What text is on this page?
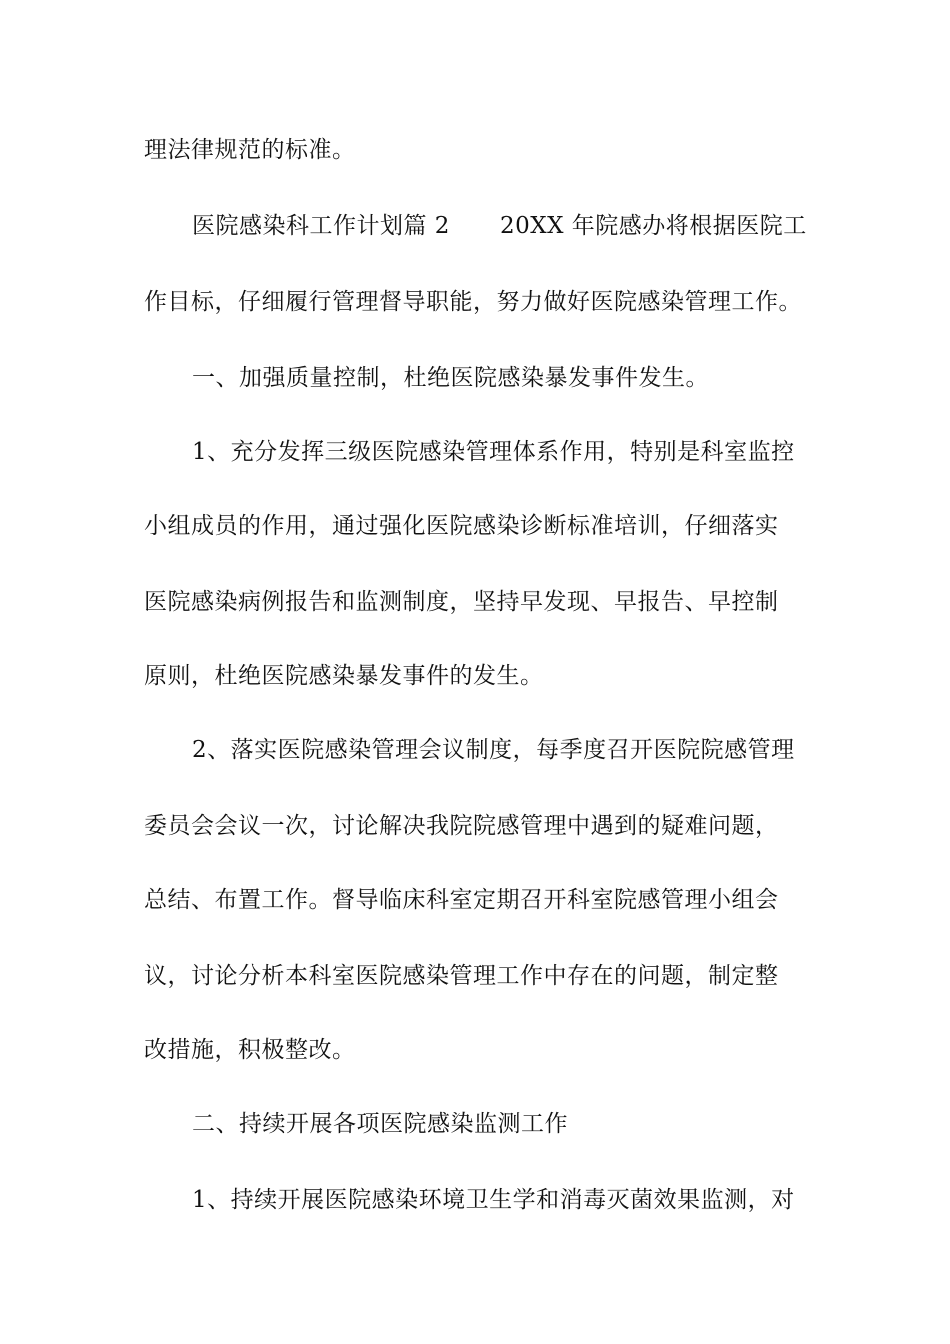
理法律规范的标准。
医院感染科工作计划篇 2 20XX 年院感办将根据医院工
作目标，仔细履行管理督导职能，努力做好医院感染管理工作。
一、加强质量控制，杜绝医院感染暴发事件发生。
1、充分发挥三级医院感染管理体系作用，特别是科室监控
小组成员的作用，通过强化医院感染诊断标准培训，仔细落实
医院感染病例报告和监测制度，坚持早发现、早报告、早控制
原则，杜绝医院感染暴发事件的发生。
2、落实医院感染管理会议制度，每季度召开医院院感管理
委员会会议一次，讨论解决我院院感管理中遇到的疑难问题，
总结、布置工作。督导临床科室定期召开科室院感管理小组会
议，讨论分析本科室医院感染管理工作中存在的问题，制定整
改措施，积极整改。
二、持续开展各项医院感染监测工作
1、持续开展医院感染环境卫生学和消毒灭菌效果监测，对
